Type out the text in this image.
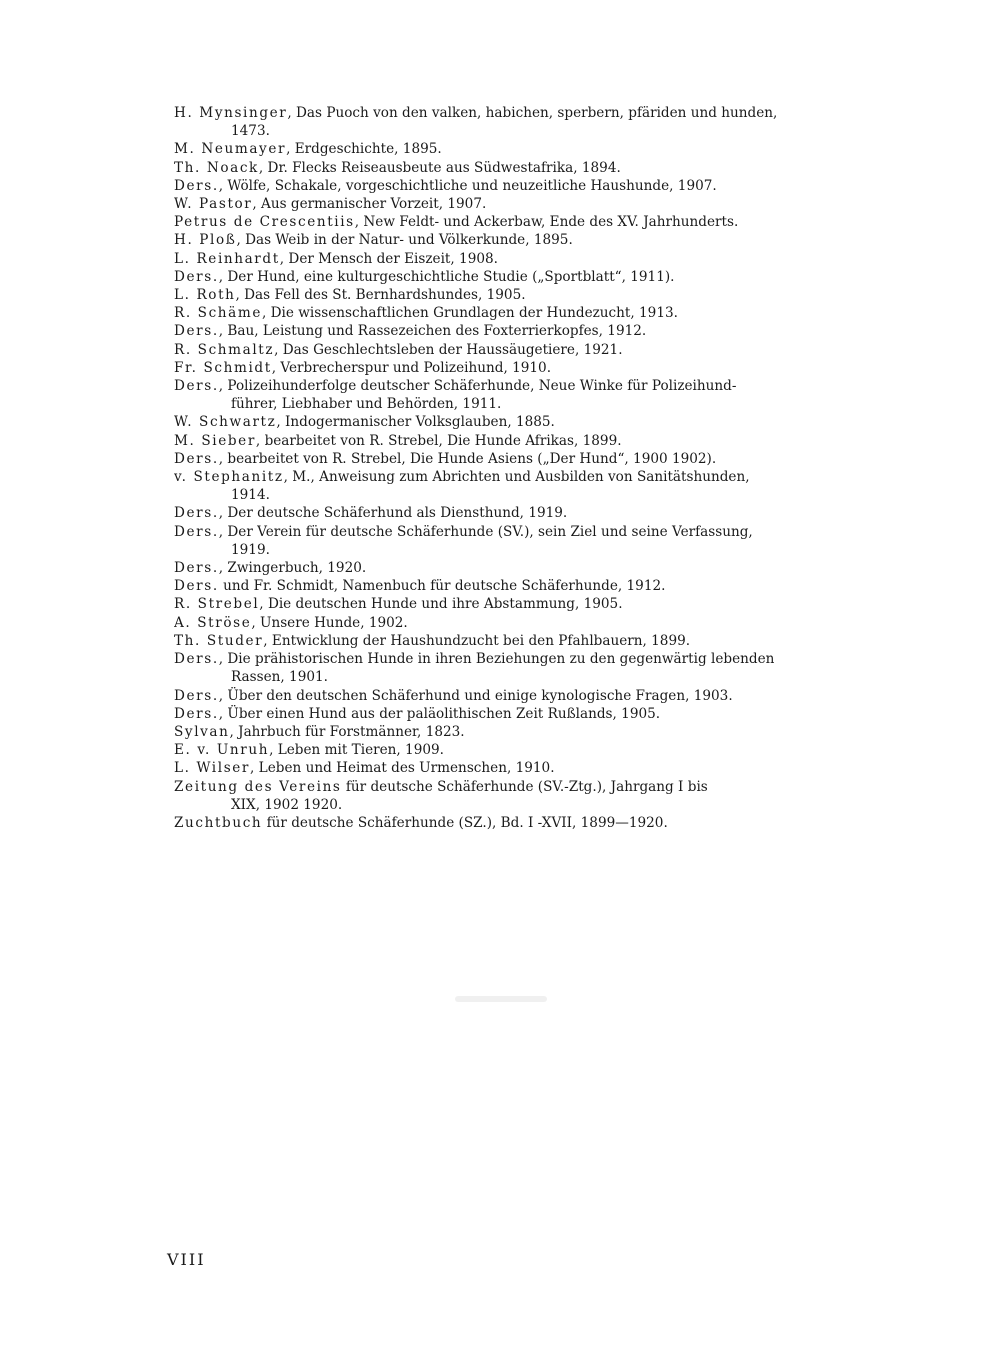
H. Mynsinger, Das Puoch von den valken, habichen, sperbern, pfäriden und hunden,
1473.
M. Neumayer, Erdgeschichte, 1895.
Th. Noack, Dr. Flecks Reiseausbeute aus Südwestafrika, 1894.
Ders., Wölfe, Schakale, vorgeschichtliche und neuzeitliche Haushunde, 1907.
W. Pastor, Aus germanischer Vorzeit, 1907.
Petrus de Crescentiis, New Feldt- und Ackerbaw, Ende des XV. Jahrhunderts.
H. Ploß, Das Weib in der Natur- und Völkerkunde, 1895.
L. Reinhardt, Der Mensch der Eiszeit, 1908.
Ders., Der Hund, eine kulturgeschichtliche Studie („Sportblatt“, 1911).
L. Roth, Das Fell des St. Bernhardshundes, 1905.
R. Schäme, Die wissenschaftlichen Grundlagen der Hundezucht, 1913.
Ders., Bau, Leistung und Rassezeichen des Foxterrierkopfes, 1912.
R. Schmaltz, Das Geschlechtsleben der Haussäugetiere, 1921.
Fr. Schmidt, Verbrecherspur und Polizeihund, 1910.
Ders., Polizeihunderfolge deutscher Schäferhunde, Neue Winke für Polizeihund-
führer, Liebhaber und Behörden, 1911.
W. Schwartz, Indogermanischer Volksglauben, 1885.
M. Sieber, bearbeitet von R. Strebel, Die Hunde Afrikas, 1899.
Ders., bearbeitet von R. Strebel, Die Hunde Asiens („Der Hund“, 1900 1902).
v. Stephanitz, M., Anweisung zum Abrichten und Ausbilden von Sanitätshunden,
1914.
Ders., Der deutsche Schäferhund als Diensthund, 1919.
Ders., Der Verein für deutsche Schäferhunde (SV.), sein Ziel und seine Verfassung,
1919.
Ders., Zwingerbuch, 1920.
Ders. und Fr. Schmidt, Namenbuch für deutsche Schäferhunde, 1912.
R. Strebel, Die deutschen Hunde und ihre Abstammung, 1905.
A. Ströse, Unsere Hunde, 1902.
Th. Studer, Entwicklung der Haushundzucht bei den Pfahlbauern, 1899.
Ders., Die prähistorischen Hunde in ihren Beziehungen zu den gegenwärtig lebenden
Rassen, 1901.
Ders., Über den deutschen Schäferhund und einige kynologische Fragen, 1903.
Ders., Über einen Hund aus der paläolithischen Zeit Rußlands, 1905.
Sylvan, Jahrbuch für Forstmänner, 1823.
E. v. Unruh, Leben mit Tieren, 1909.
L. Wilser, Leben und Heimat des Urmenschen, 1910.
Zeitung des Vereins für deutsche Schäferhunde (SV.-Ztg.), Jahrgang I bis
XIX, 1902 1920.
Zuchtbuch für deutsche Schäferhunde (SZ.), Bd. I -XVII, 1899—1920.
VIII
